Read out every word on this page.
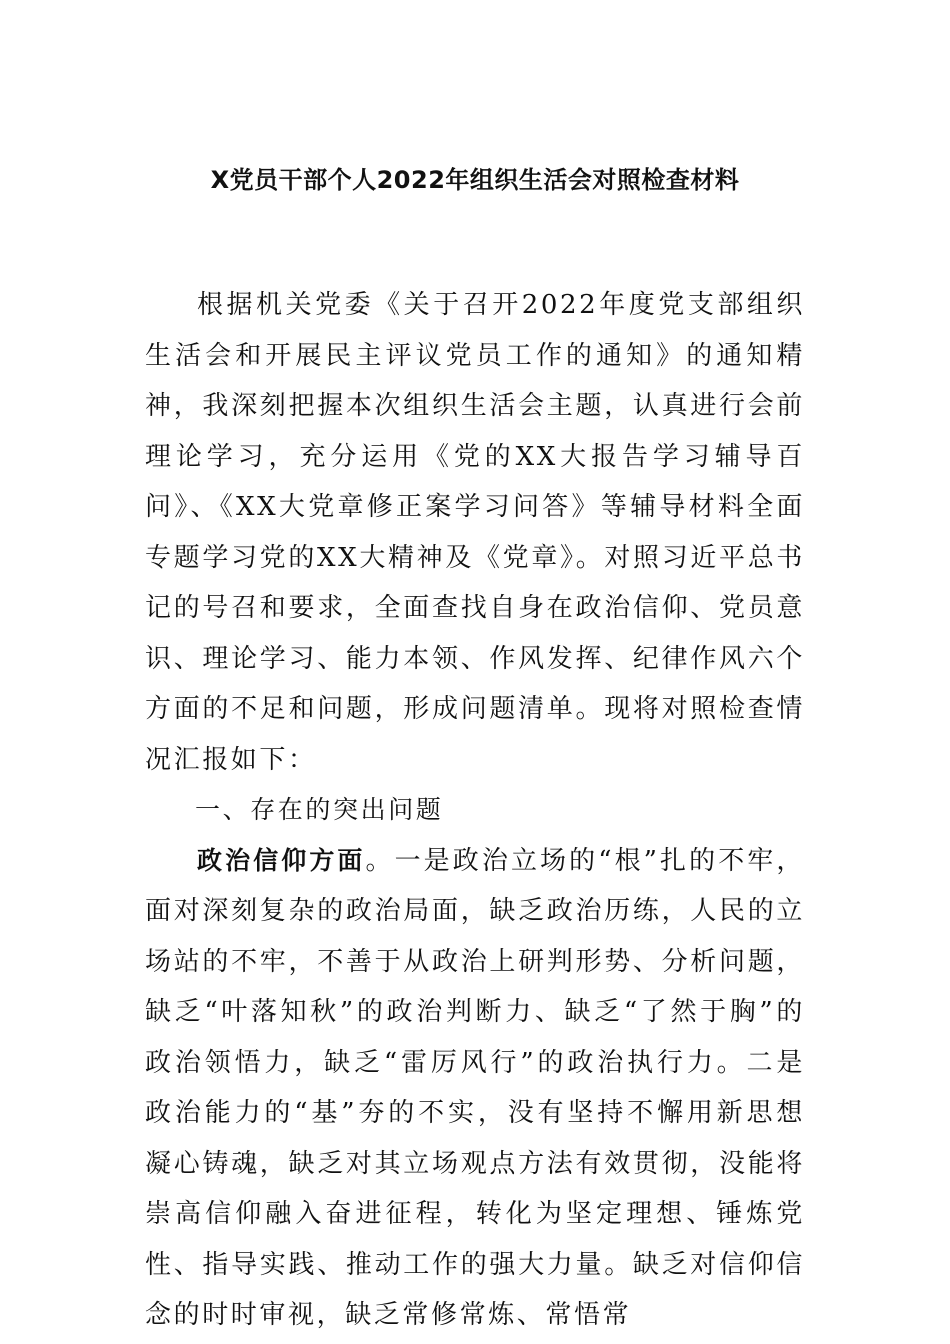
X党员干部个人2022年组织生活会对照检查材料

根据机关党委《关于召开2022年度党支部组织生活会和开展民主评议党员工作的通知》的通知精神，我深刻把握本次组织生活会主题，认真进行会前理论学习，充分运用《党的XX大报告学习辅导百问》、《XX大党章修正案学习问答》等辅导材料全面专题学习党的XX大精神及《党章》。对照习近平总书记的号召和要求，全面查找自身在政治信仰、党员意识、理论学习、能力本领、作风发挥、纪律作风六个方面的不足和问题，形成问题清单。现将对照检查情况汇报如下：

一、存在的突出问题

政治信仰方面。一是政治立场的“根”扎的不牢，面对深刻复杂的政治局面，缺乏政治历练，人民的立场站的不牢，不善于从政治上研判形势、分析问题，缺乏“叶落知秋”的政治判断力、缺乏“了然于胸”的政治领悟力，缺乏“雷厉风行”的政治执行力。二是政治能力的“基”夯的不实，没有坚持不懈用新思想凝心铸魂，缺乏对其立场观点方法有效贯彻，没能将崇高信仰融入奋进征程，转化为坚定理想、锤炼党性、指导实践、推动工作的强大力量。缺乏对信仰信念的时时审视，缺乏常修常炼、常悟常
